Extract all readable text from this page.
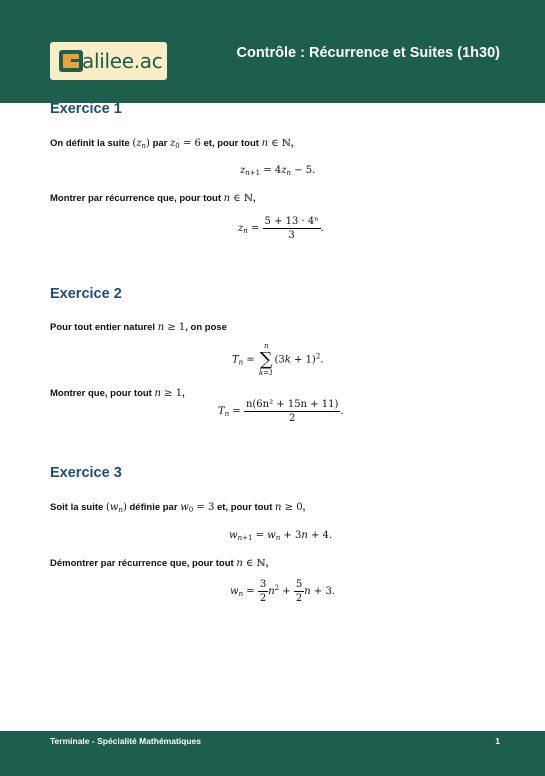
alilee.ac	Contrôle : Récurrence et Suites (1h30)
Exercice 1
On définit la suite $(z_n)$ par $z_0 = 6$ et, pour tout n ∈ ℕ,
$z_{n+1} = 4z_n - 5$.
Montrer par récurrence que, pour tout n ∈ ℕ,
$z_n = \frac{\text{5 + 13 · 4ⁿ}}{3}$ .
Exercice 2
Pour tout entier naturel n ≥ 1, on pose
$T_n$ =
n
∑
k=1
$(3k + 1)^2$.
Montrer que, pour tout n ≥ 1,
$T_n = \frac{\text{n(6n² + 15n + 11)}}{2}$ .
Exercice 3
Soit la suite $(w_n)$ définie par $w_0 = 3$ et, pour tout n ≥ 0,
$w_{n+1} = w_n + 3n + 4$.
Démontrer par récurrence que, pour tout n ∈ ℕ,
$w_n = \frac{3}{2} n^2 + \frac{5}{2}$ n + 3.
Terminale - Spécialité Mathématiques	1
